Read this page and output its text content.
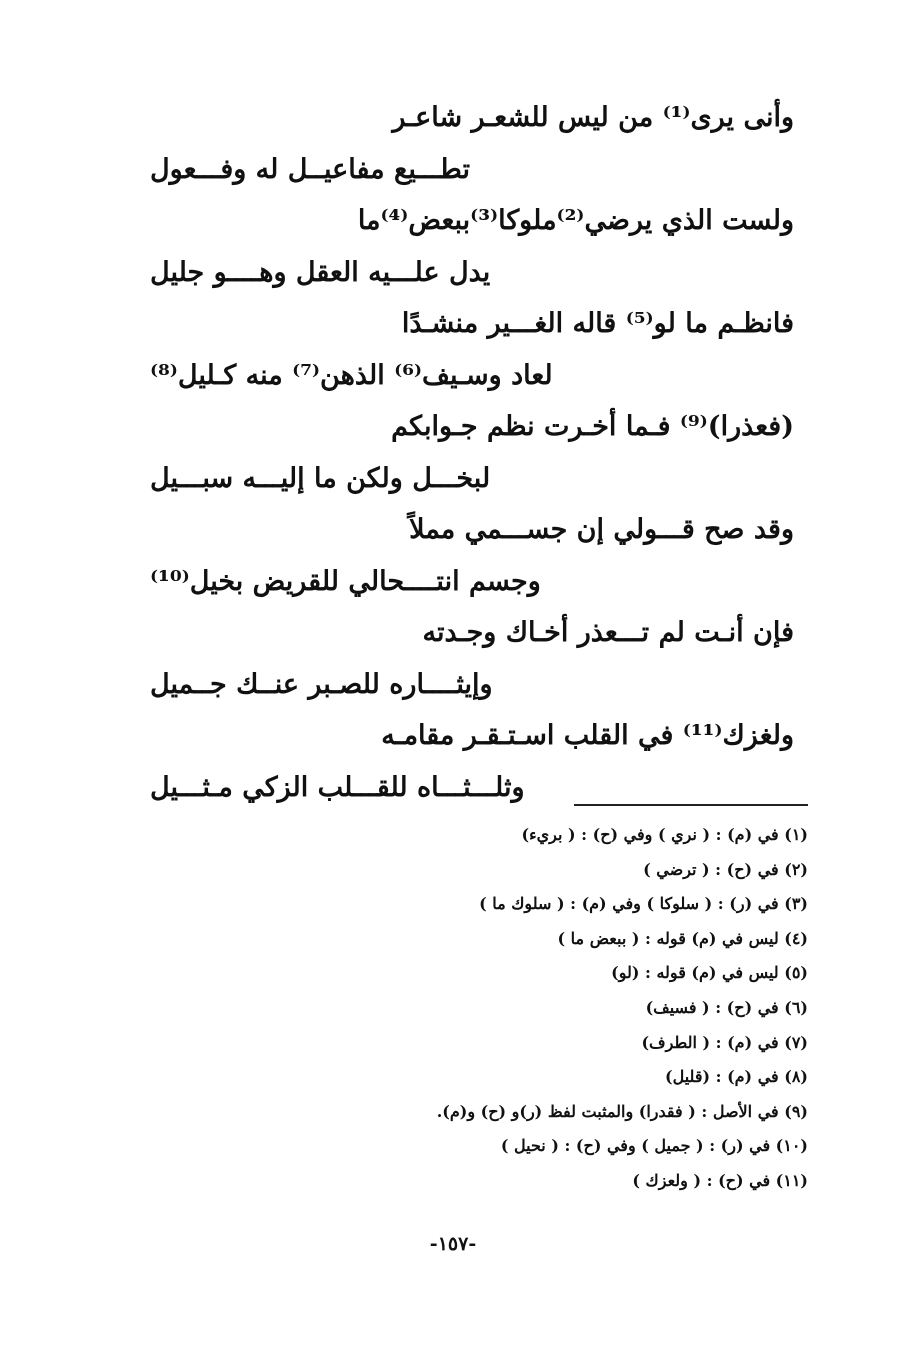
وأنى يرى⁽¹⁾ من ليس للشعـر شاعـر
تطـــيع مفاعيــل له وفـــعول
ولست الذي يرضي⁽²⁾ملوكا⁽³⁾ببعض⁽⁴⁾ما
يدل علـــيه العقل وهــــو جليل
فانظـم ما لو⁽⁵⁾ قاله الغـــير منشـدًا
لعاد وسـيف⁽⁶⁾ الذهن⁽⁷⁾ منه كـليل⁽⁸⁾
(فعذرا)⁽⁹⁾ فـما أخـرت نظم جـوابكم
لبخـــل ولكن ما إليـــه سبـــيل
وقد صح قـــولي إن جســـمي مملاً
وجسم انتــــحالي للقريض بخيل⁽¹⁰⁾
فإن أنـت لم تـــعذر أخـاك وجـدته
وإيثــــاره للصـبر عنــك جــميل
ولغزك⁽¹¹⁾ في القلب اسـتـقـر مقامـه
وثلـــثـــاه للقـــلب الزكي مـثـــيل
(١) في (م) : ( نري ) وفي (ح) : ( بريء)
(٢) في (ح) : ( ترضي )
(٣) في (ر) : ( سلوكا ) وفي (م) : ( سلوك ما )
(٤) ليس في (م) قوله : ( ببعض ما )
(٥) ليس في (م) قوله : (لو)
(٦) في (ح) : ( فسيف)
(٧) في (م) : ( الطرف)
(٨) في (م) : (قليل)
(٩) في الأصل : ( فقدرا) والمثبت لفظ (ر)و (ح) و(م).
(١٠) في (ر) : ( جميل ) وفي (ح) : ( نحيل )
(١١) في (ح) : ( ولعزك )
-١٥٧-
